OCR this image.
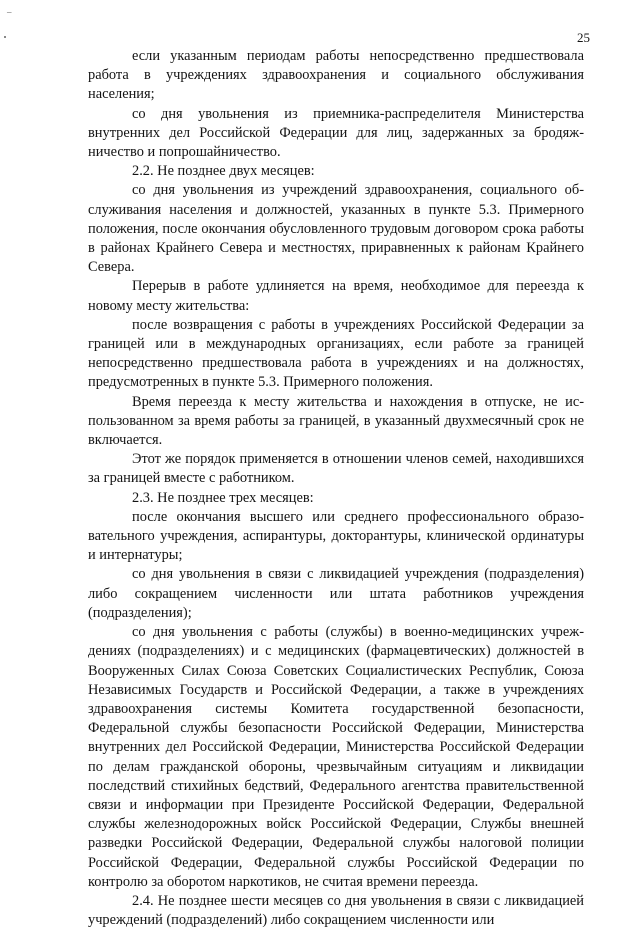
–
25

если указанным периодам работы непосредственно предшествовала работа в учреждениях здравоохранения и социального обслуживания населения;

со дня увольнения из приемника-распределителя Министерства внутренних дел Российской Федерации для лиц, задержанных за бродяжничество и попрошайничество.

2.2. Не позднее двух месяцев:

со дня увольнения из учреждений здравоохранения, социального обслуживания населения и должностей, указанных в пункте 5.3. Примерного положения, после окончания обусловленного трудовым договором срока работы в районах Крайнего Севера и местностях, приравненных к районам Крайнего Севера.

Перерыв в работе удлиняется на время, необходимое для переезда к новому месту жительства:

после возвращения с работы в учреждениях Российской Федерации за границей или в международных организациях, если работе за границей непосредственно предшествовала работа в учреждениях и на должностях, предусмотренных в пункте 5.3. Примерного положения.

Время переезда к месту жительства и нахождения в отпуске, не использованном за время работы за границей, в указанный двухмесячный срок не включается.

Этот же порядок применяется в отношении членов семей, находившихся за границей вместе с работником.

2.3. Не позднее трех месяцев:

после окончания высшего или среднего профессионального образовательного учреждения, аспирантуры, докторантуры, клинической ординатуры и интернатуры;

со дня увольнения в связи с ликвидацией учреждения (подразделения) либо сокращением численности или штата работников учреждения (подразделения);

со дня увольнения с работы (службы) в военно-медицинских учреждениях (подразделениях) и с медицинских (фармацевтических) должностей в Вооруженных Силах Союза Советских Социалистических Республик, Союза Независимых Государств и Российской Федерации, а также в учреждениях здравоохранения системы Комитета государственной безопасности, Федеральной службы безопасности Российской Федерации, Министерства внутренних дел Российской Федерации, Министерства Российской Федерации по делам гражданской обороны, чрезвычайным ситуациям и ликвидации последствий стихийных бедствий, Федерального агентства правительственной связи и информации при Президенте Российской Федерации, Федеральной службы железнодорожных войск Российской Федерации, Службы внешней разведки Российской Федерации, Федеральной службы налоговой полиции Российской Федерации, Федеральной службы Российской Федерации по контролю за оборотом наркотиков, не считая времени переезда.

2.4. Не позднее шести месяцев со дня увольнения в связи с ликвидацией учреждений (подразделений) либо сокращением численности или
